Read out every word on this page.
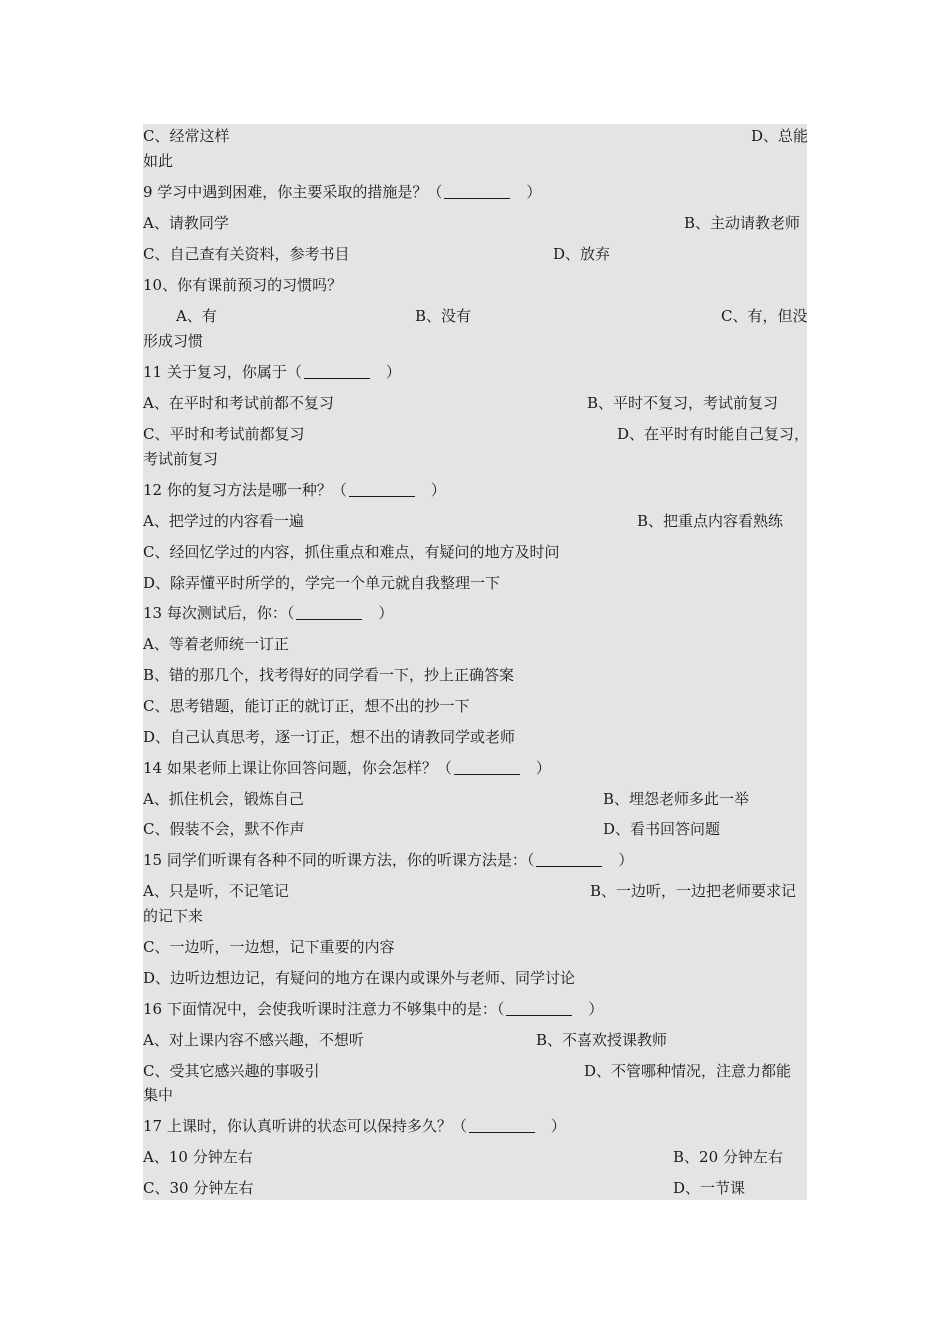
C、经常这样	D、总能
如此
9 学习中遇到困难，你主要采取的措施是？（	）
A、请教同学	B、主动请教老师
C、自己查有关资料，参考书目	D、放弃
10、你有课前预习的习惯吗？
A、有	B、没有	C、有，但没
形成习惯
11 关于复习，你属于（	）
A、在平时和考试前都不复习	B、平时不复习，考试前复习
C、平时和考试前都复习	D、在平时有时能自己复习，
考试前复习
12 你的复习方法是哪一种？（	）
A、把学过的内容看一遍	B、把重点内容看熟练
C、经回忆学过的内容，抓住重点和难点，有疑问的地方及时问
D、除弄懂平时所学的，学完一个单元就自我整理一下
13 每次测试后，你：（	）
A、等着老师统一订正
B、错的那几个，找考得好的同学看一下，抄上正确答案
C、思考错题，能订正的就订正，想不出的抄一下
D、自己认真思考，逐一订正，想不出的请教同学或老师
14 如果老师上课让你回答问题，你会怎样？（	）
A、抓住机会，锻炼自己	B、埋怨老师多此一举
C、假装不会，默不作声	D、看书回答问题
15 同学们听课有各种不同的听课方法，你的听课方法是：（	）
A、只是听，不记笔记	B、一边听，一边把老师要求记
的记下来
C、一边听，一边想，记下重要的内容
D、边听边想边记，有疑问的地方在课内或课外与老师、同学讨论
16 下面情况中，会使我听课时注意力不够集中的是：（	）
A、对上课内容不感兴趣，不想听	B、不喜欢授课教师
C、受其它感兴趣的事吸引	D、不管哪种情况，注意力都能
集中
17 上课时，你认真听讲的状态可以保持多久？（	）
A、10 分钟左右	B、20 分钟左右
C、30 分钟左右	D、一节课
